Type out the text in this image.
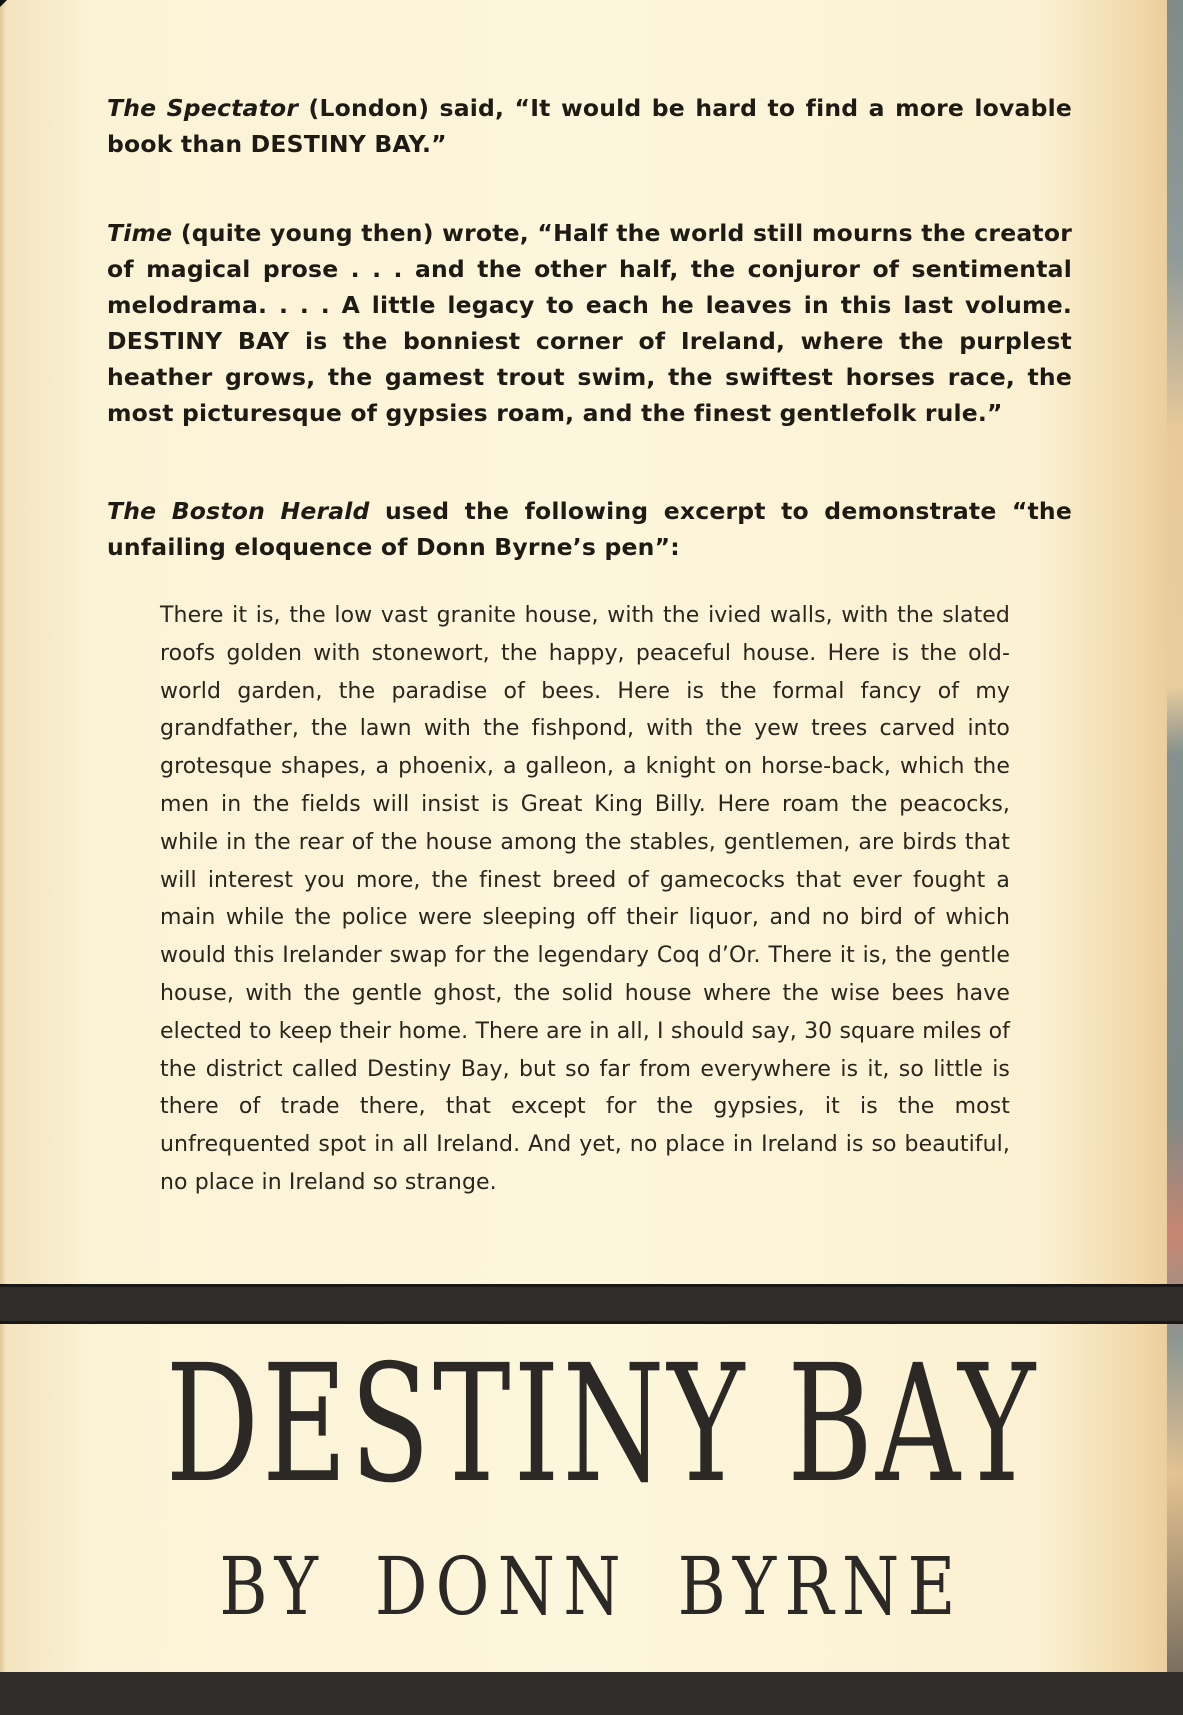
The Spectator (London) said, “It would be hard to find a more lovable book than DESTINY BAY.”

Time (quite young then) wrote, “Half the world still mourns the creator of magical prose . . . and the other half, the conjuror of sentimental melodrama. . . . A little legacy to each he leaves in this last volume. DESTINY BAY is the bonniest corner of Ireland, where the purplest heather grows, the gamest trout swim, the swiftest horses race, the most picturesque of gypsies roam, and the finest gentlefolk rule.”

The Boston Herald used the following excerpt to demonstrate “the unfailing eloquence of Donn Byrne’s pen”:

There it is, the low vast granite house, with the ivied walls, with the slated roofs golden with stonewort, the happy, peaceful house. Here is the old-world garden, the paradise of bees. Here is the formal fancy of my grandfather, the lawn with the fishpond, with the yew trees carved into grotesque shapes, a phoenix, a galleon, a knight on horse-back, which the men in the fields will insist is Great King Billy. Here roam the peacocks, while in the rear of the house among the stables, gentlemen, are birds that will interest you more, the finest breed of gamecocks that ever fought a main while the police were sleeping off their liquor, and no bird of which would this Irelander swap for the legendary Coq d’Or. There it is, the gentle house, with the gentle ghost, the solid house where the wise bees have elected to keep their home. There are in all, I should say, 30 square miles of the district called Destiny Bay, but so far from everywhere is it, so little is there of trade there, that except for the gypsies, it is the most unfrequented spot in all Ireland. And yet, no place in Ireland is so beautiful, no place in Ireland so strange.

DESTINY BAY
BY DONN BYRNE
